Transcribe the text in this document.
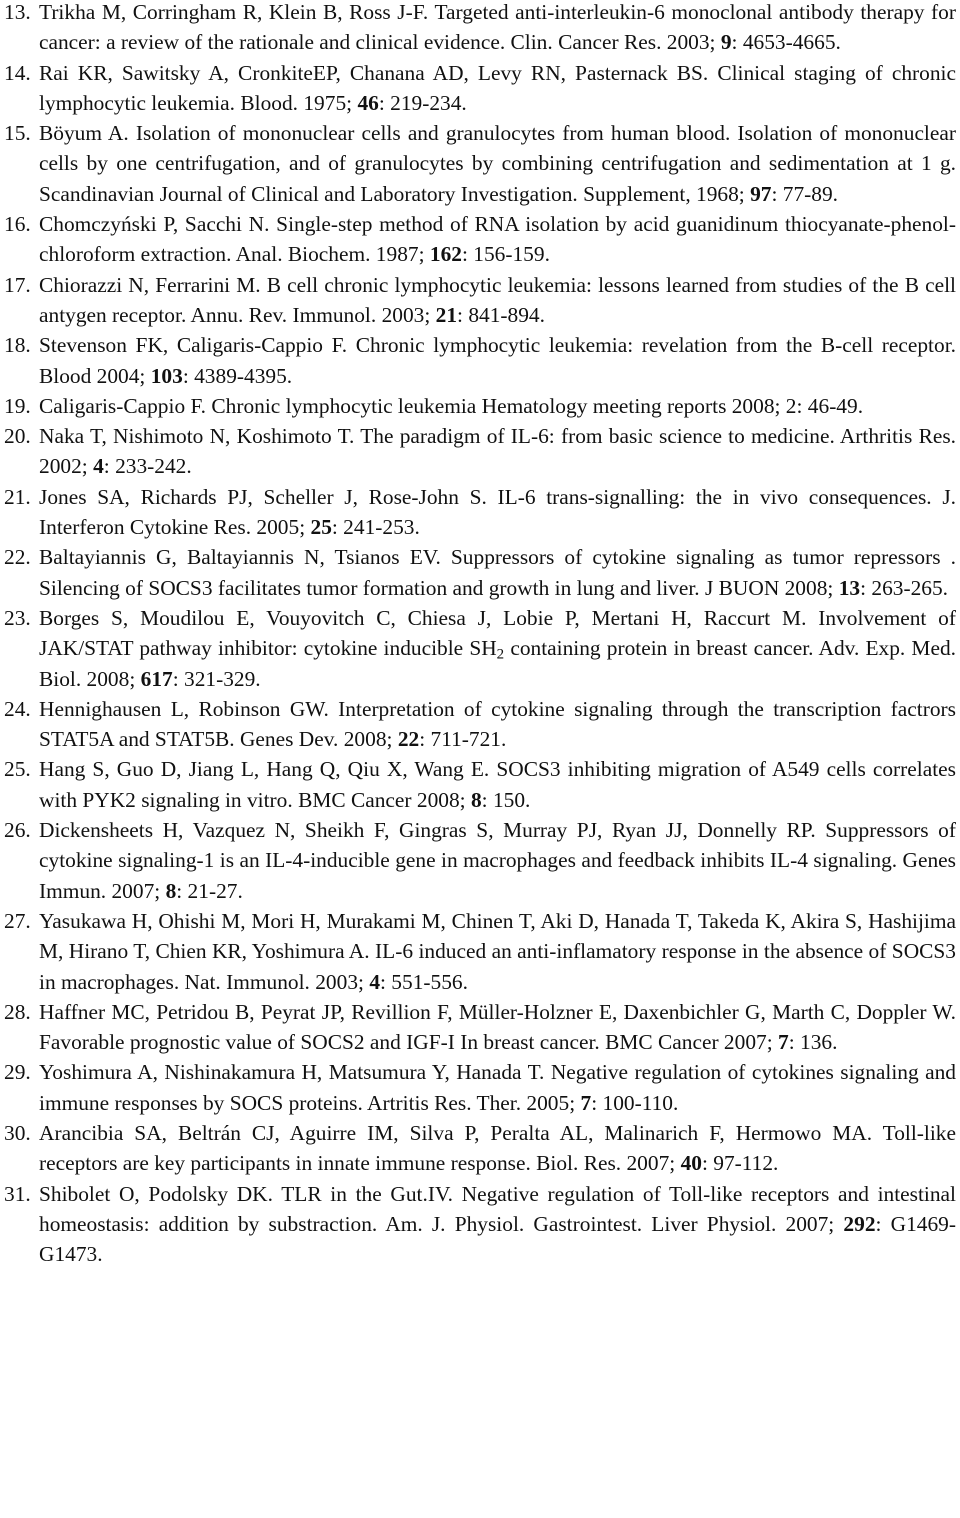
13. Trikha M, Corringham R, Klein B, Ross J-F. Targeted anti-interleukin-6 monoclonal antibody therapy for cancer: a review of the rationale and clinical evidence. Clin. Cancer Res. 2003; 9: 4653-4665.
14. Rai KR, Sawitsky A, CronkiteEP, Chanana AD, Levy RN, Pasternack BS. Clinical staging of chronic lymphocytic leukemia. Blood. 1975; 46: 219-234.
15. Böyum A. Isolation of mononuclear cells and granulocytes from human blood. Isolation of mononuclear cells by one centrifugation, and of granulocytes by combining centrifugation and sedimentation at 1 g. Scandinavian Journal of Clinical and Laboratory Investigation. Supplement, 1968; 97: 77-89.
16. Chomczyński P, Sacchi N. Single-step method of RNA isolation by acid guanidinum thiocyanate-phenol-chloroform extraction. Anal. Biochem. 1987; 162: 156-159.
17. Chiorazzi N, Ferrarini M. B cell chronic lymphocytic leukemia: lessons learned from studies of the B cell antygen receptor. Annu. Rev. Immunol. 2003; 21: 841-894.
18. Stevenson FK, Caligaris-Cappio F. Chronic lymphocytic leukemia: revelation from the B-cell receptor. Blood 2004; 103: 4389-4395.
19. Caligaris-Cappio F. Chronic lymphocytic leukemia Hematology meeting reports 2008; 2: 46-49.
20. Naka T, Nishimoto N, Koshimoto T. The paradigm of IL-6: from basic science to medicine. Arthritis Res. 2002; 4: 233-242.
21. Jones SA, Richards PJ, Scheller J, Rose-John S. IL-6 trans-signalling: the in vivo consequences. J. Interferon Cytokine Res. 2005; 25: 241-253.
22. Baltayiannis G, Baltayiannis N, Tsianos EV. Suppressors of cytokine signaling as tumor repressors . Silencing of SOCS3 facilitates tumor formation and growth in lung and liver. J BUON 2008; 13: 263-265.
23. Borges S, Moudilou E, Vouyovitch C, Chiesa J, Lobie P, Mertani H, Raccurt M. Involvement of JAK/STAT pathway inhibitor: cytokine inducible $SH_2$ containing protein in breast cancer. Adv. Exp. Med. Biol. 2008; 617: 321-329.
24. Hennighausen L, Robinson GW. Interpretation of cytokine signaling through the transcription factrors STAT5A and STAT5B. Genes Dev. 2008; 22: 711-721.
25. Hang S, Guo D, Jiang L, Hang Q, Qiu X, Wang E. SOCS3 inhibiting migration of A549 cells correlates with PYK2 signaling in vitro. BMC Cancer 2008; 8: 150.
26. Dickensheets H, Vazquez N, Sheikh F, Gingras S, Murray PJ, Ryan JJ, Donnelly RP. Suppressors of cytokine signaling-1 is an IL-4-inducible gene in macrophages and feedback inhibits IL-4 signaling. Genes Immun. 2007; 8: 21-27.
27. Yasukawa H, Ohishi M, Mori H, Murakami M, Chinen T, Aki D, Hanada T, Takeda K, Akira S, Hashijima M, Hirano T, Chien KR, Yoshimura A. IL-6 induced an anti-inflamatory response in the absence of SOCS3 in macrophages. Nat. Immunol. 2003; 4: 551-556.
28. Haffner MC, Petridou B, Peyrat JP, Revillion F, Müller-Holzner E, Daxenbichler G, Marth C, Doppler W. Favorable prognostic value of SOCS2 and IGF-I In breast cancer. BMC Cancer 2007; 7: 136.
29. Yoshimura A, Nishinakamura H, Matsumura Y, Hanada T. Negative regulation of cytokines signaling and immune responses by SOCS proteins. Artritis Res. Ther. 2005; 7: 100-110.
30. Arancibia SA, Beltrán CJ, Aguirre IM, Silva P, Peralta AL, Malinarich F, Hermowo MA. Toll-like receptors are key participants in innate immune response. Biol. Res. 2007; 40: 97-112.
31. Shibolet O, Podolsky DK. TLR in the Gut.IV. Negative regulation of Toll-like receptors and intestinal homeostasis: addition by substraction. Am. J. Physiol. Gastrointest. Liver Physiol. 2007; 292: G1469-G1473.
